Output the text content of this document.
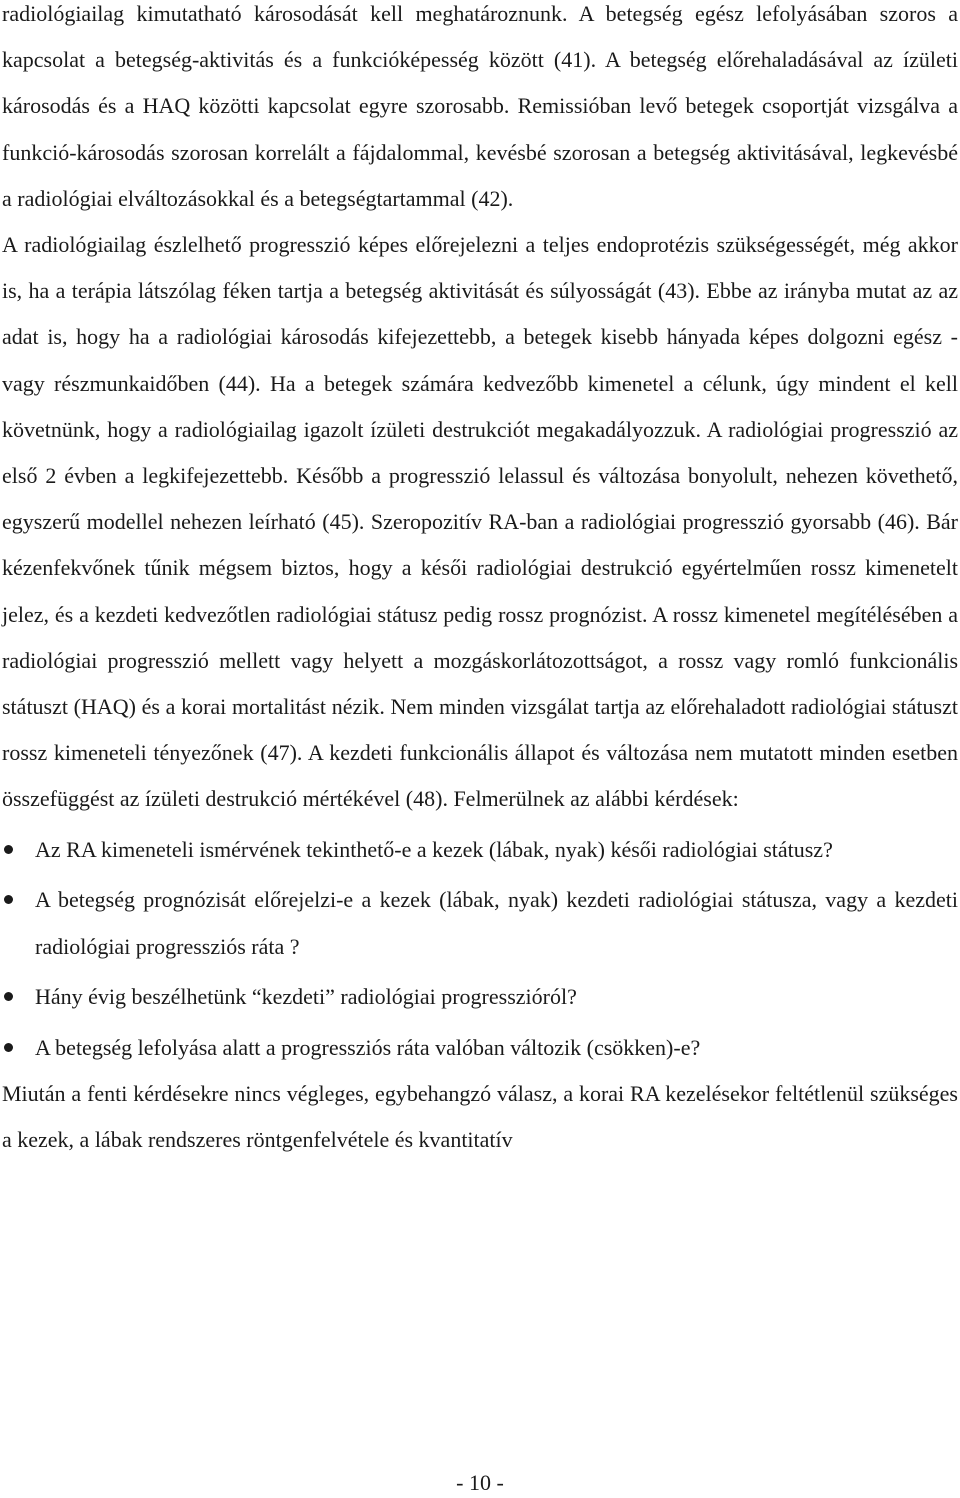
radiológiailag kimutatható károsodását kell meghatároznunk. A betegség egész lefolyásában szoros a kapcsolat a betegség-aktivitás és a funkcióképesség között (41). A betegség előrehaladásával az ízületi károsodás és a HAQ közötti kapcsolat egyre szorosabb. Remissióban levő betegek csoportját vizsgálva a funkció-károsodás szorosan korrelált a fájdalommal, kevésbé szorosan a betegség aktivitásával, legkevésbé a radiológiai elváltozásokkal és a betegségtartammal (42).

A radiológiailag észlelhető progresszió képes előrejelezni a teljes endoprotézis szükségességét, még akkor is, ha a terápia látszólag féken tartja a betegség aktivitását és súlyosságát (43). Ebbe az irányba mutat az az adat is, hogy ha a radiológiai károsodás kifejezettebb, a betegek kisebb hányada képes dolgozni egész - vagy részmunkaidőben (44). Ha a betegek számára kedvezőbb kimenetel a célunk, úgy mindent el kell követnünk, hogy a radiológiailag igazolt ízületi destrukciót megakadályozzuk. A radiológiai progresszió az első 2 évben a legkifejezettebb. Később a progresszió lelassul és változása bonyolult, nehezen követhető, egyszerű modellel nehezen leírható (45). Szeropozitív RA-ban a radiológiai progresszió gyorsabb (46). Bár kézenfekvőnek tűnik mégsem biztos, hogy a késői radiológiai destrukció egyértelműen rossz kimenetelt jelez, és a kezdeti kedvezőtlen radiológiai státusz pedig rossz prognózist. A rossz kimenetel megítélésében a radiológiai progresszió mellett vagy helyett a mozgáskorlátozottságot, a rossz vagy romló funkcionális státuszt (HAQ) és a korai mortalitást nézik. Nem minden vizsgálat tartja az előrehaladott radiológiai státuszt rossz kimeneteli tényezőnek (47). A kezdeti funkcionális állapot és változása nem mutatott minden esetben összefüggést az ízületi destrukció mértékével (48). Felmerülnek az alábbi kérdések:

Az RA kimeneteli ismérvének tekinthető-e a kezek (lábak, nyak) késői radiológiai státusz?
A betegség prognózisát előrejelzi-e a kezek (lábak, nyak) kezdeti radiológiai státusza, vagy a kezdeti radiológiai progressziós ráta ?
Hány évig beszélhetünk “kezdeti” radiológiai progresszióról?
A betegség lefolyása alatt a progressziós ráta valóban változik (csökken)-e?

Miután a fenti kérdésekre nincs végleges, egybehangzó válasz, a korai RA kezelésekor feltétlenül szükséges a kezek, a lábak rendszeres röntgenfelvétele és kvantitatív

- 10 -
